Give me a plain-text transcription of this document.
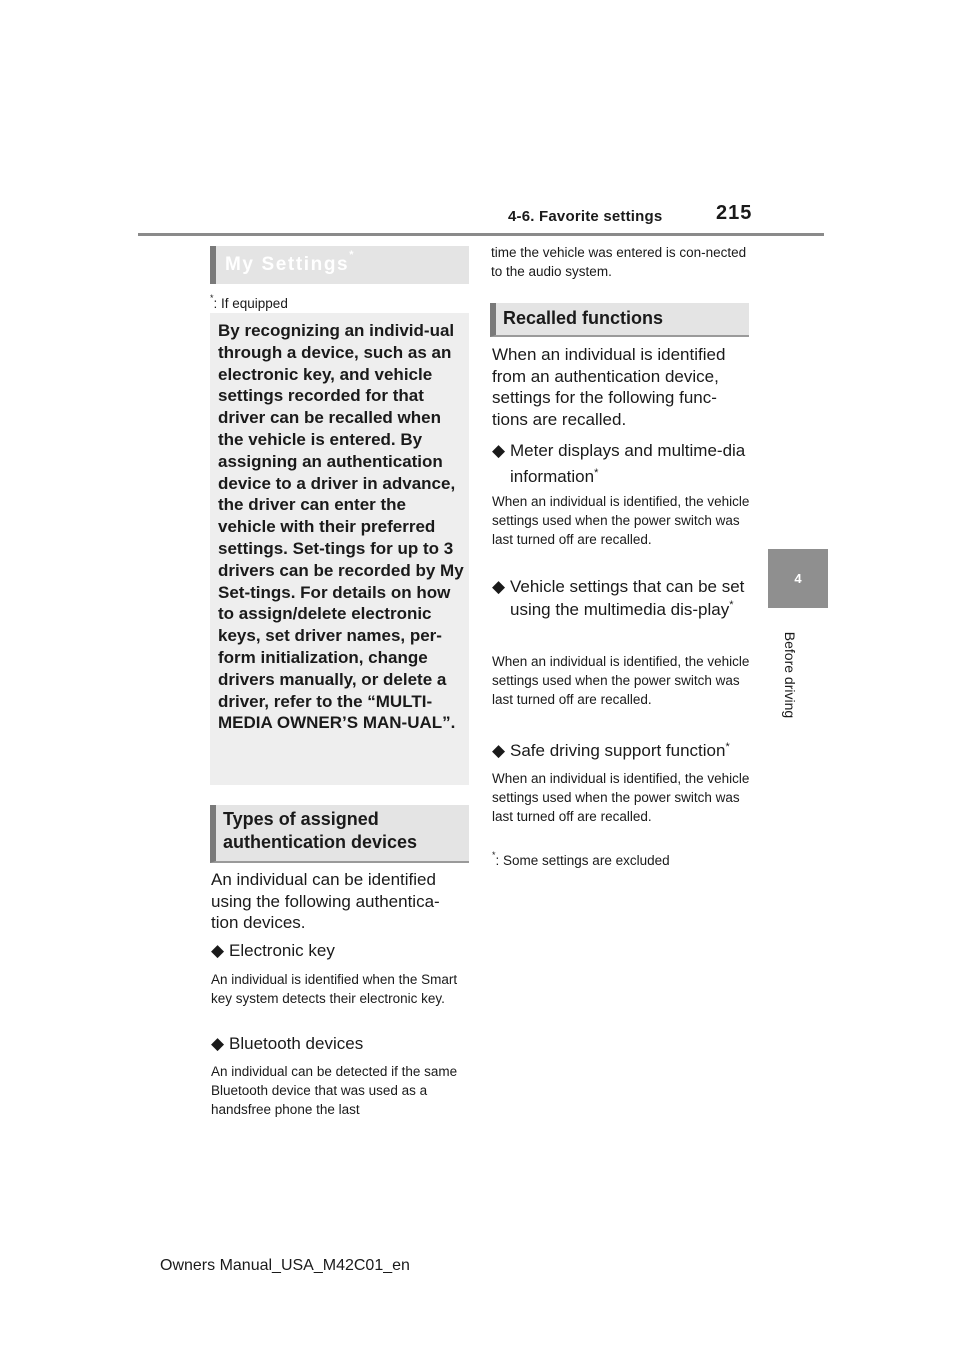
4-6. Favorite settings	215
4
Before driving
My Settings*
*: If equipped
By recognizing an individ-ual through a device, such as an electronic key, and vehicle settings recorded for that driver can be recalled when the vehicle is entered. By assigning an authentication device to a driver in advance, the driver can enter the vehicle with their preferred settings. Set-tings for up to 3 drivers can be recorded by My Set-tings. For details on how to assign/delete electronic keys, set driver names, per-form initialization, change drivers manually, or delete a driver, refer to the “MULTI-MEDIA OWNER’S MAN-UAL”.
Types of assigned authentication devices
An individual can be identified using the following authentica-tion devices.
◆ Electronic key
An individual is identified when the Smart key system detects their electronic key.
◆ Bluetooth devices
An individual can be detected if the same Bluetooth device that was used as a handsfree phone the last
time the vehicle was entered is con-nected to the audio system.
Recalled functions
When an individual is identified from an authentication device, settings for the following func-tions are recalled.
◆ Meter displays and multime-dia information*
When an individual is identified, the vehicle settings used when the power switch was last turned off are recalled.
◆ Vehicle settings that can be set using the multimedia dis-play*
When an individual is identified, the vehicle settings used when the power switch was last turned off are recalled.
◆ Safe driving support function*
When an individual is identified, the vehicle settings used when the power switch was last turned off are recalled.
*: Some settings are excluded
Owners Manual_USA_M42C01_en
